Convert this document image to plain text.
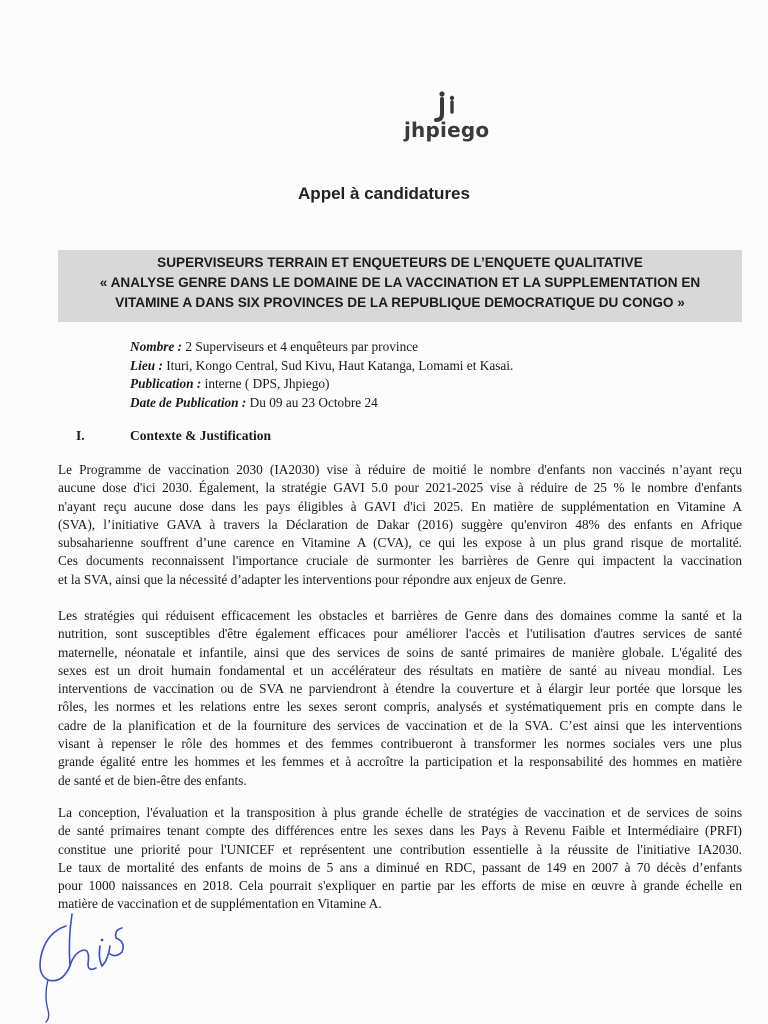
jhpiego
Appel à candidatures
SUPERVISEURS TERRAIN ET ENQUETEURS DE L’ENQUETE QUALITATIVE
« ANALYSE GENRE DANS LE DOMAINE DE LA VACCINATION ET LA SUPPLEMENTATION EN
VITAMINE A DANS SIX PROVINCES DE LA REPUBLIQUE DEMOCRATIQUE DU CONGO »
Nombre : 2 Superviseurs et 4 enquêteurs par province
Lieu : Ituri, Kongo Central, Sud Kivu, Haut Katanga, Lomami et Kasai.
Publication : interne ( DPS, Jhpiego)
Date de Publication : Du 09 au 23 Octobre 24
I.	Contexte & Justification
Le Programme de vaccination 2030 (IA2030) vise à réduire de moitié le nombre d'enfants non vaccinés n’ayant reçu
aucune dose d'ici 2030. Également, la stratégie GAVI 5.0 pour 2021-2025 vise à réduire de 25 % le nombre d'enfants
n'ayant reçu aucune dose dans les pays éligibles à GAVI d'ici 2025. En matière de supplémentation en Vitamine A
(SVA), l’initiative GAVA à travers la Déclaration de Dakar (2016) suggère qu'environ 48% des enfants en Afrique
subsaharienne souffrent d’une carence en Vitamine A (CVA), ce qui les expose à un plus grand risque de mortalité.
Ces documents reconnaissent l'importance cruciale de surmonter les barrières de Genre qui impactent la vaccination
et la SVA, ainsi que la nécessité d’adapter les interventions pour répondre aux enjeux de Genre.
Les stratégies qui réduisent efficacement les obstacles et barrières de Genre dans des domaines comme la santé et la
nutrition, sont susceptibles d'être également efficaces pour améliorer l'accès et l'utilisation d'autres services de santé
maternelle, néonatale et infantile, ainsi que des services de soins de santé primaires de manière globale. L'égalité des
sexes est un droit humain fondamental et un accélérateur des résultats en matière de santé au niveau mondial. Les
interventions de vaccination ou de SVA ne parviendront à étendre la couverture et à élargir leur portée que lorsque les
rôles, les normes et les relations entre les sexes seront compris, analysés et systématiquement pris en compte dans le
cadre de la planification et de la fourniture des services de vaccination et de la SVA. C’est ainsi que les interventions
visant à repenser le rôle des hommes et des femmes contribueront à transformer les normes sociales vers une plus
grande égalité entre les hommes et les femmes et à accroître la participation et la responsabilité des hommes en matière
de santé et de bien-être des enfants.
La conception, l'évaluation et la transposition à plus grande échelle de stratégies de vaccination et de services de soins
de santé primaires tenant compte des différences entre les sexes dans les Pays à Revenu Faible et Intermédiaire (PRFI)
constitue une priorité pour l'UNICEF et représentent une contribution essentielle à la réussite de l'initiative IA2030.
Le taux de mortalité des enfants de moins de 5 ans a diminué en RDC, passant de 149 en 2007 à 70 décès d’enfants
pour 1000 naissances en 2018. Cela pourrait s'expliquer en partie par les efforts de mise en œuvre à grande échelle en
matière de vaccination et de supplémentation en Vitamine A.
